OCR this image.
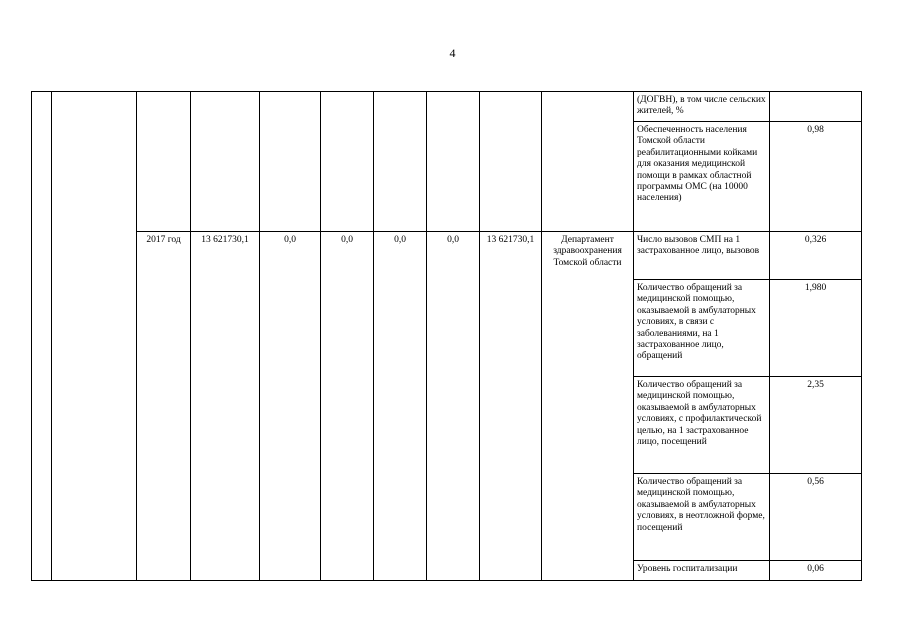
4
										(ДОГВН), в том числе сельских жителей, %	
										Обеспеченность населения Томской области реабилитационными койками для оказания медицинской помощи в рамках областной программы ОМС (на 10000 населения)	0,98
		2017 год	13 621730,1	0,0	0,0	0,0	0,0	13 621730,1	Департамент здравоохранения Томской области	Число вызовов СМП на 1 застрахованное лицо, вызовов	0,326
										Количество обращений за медицинской помощью, оказываемой в амбулаторных условиях, в связи с заболеваниями, на 1 застрахованное лицо, обращений	1,980
										Количество обращений за медицинской помощью, оказываемой в амбулаторных условиях, с профилактической целью, на 1 застрахованное лицо, посещений	2,35
										Количество обращений за медицинской помощью, оказываемой в амбулаторных условиях, в неотложной форме, посещений	0,56
										Уровень госпитализации	0,06
